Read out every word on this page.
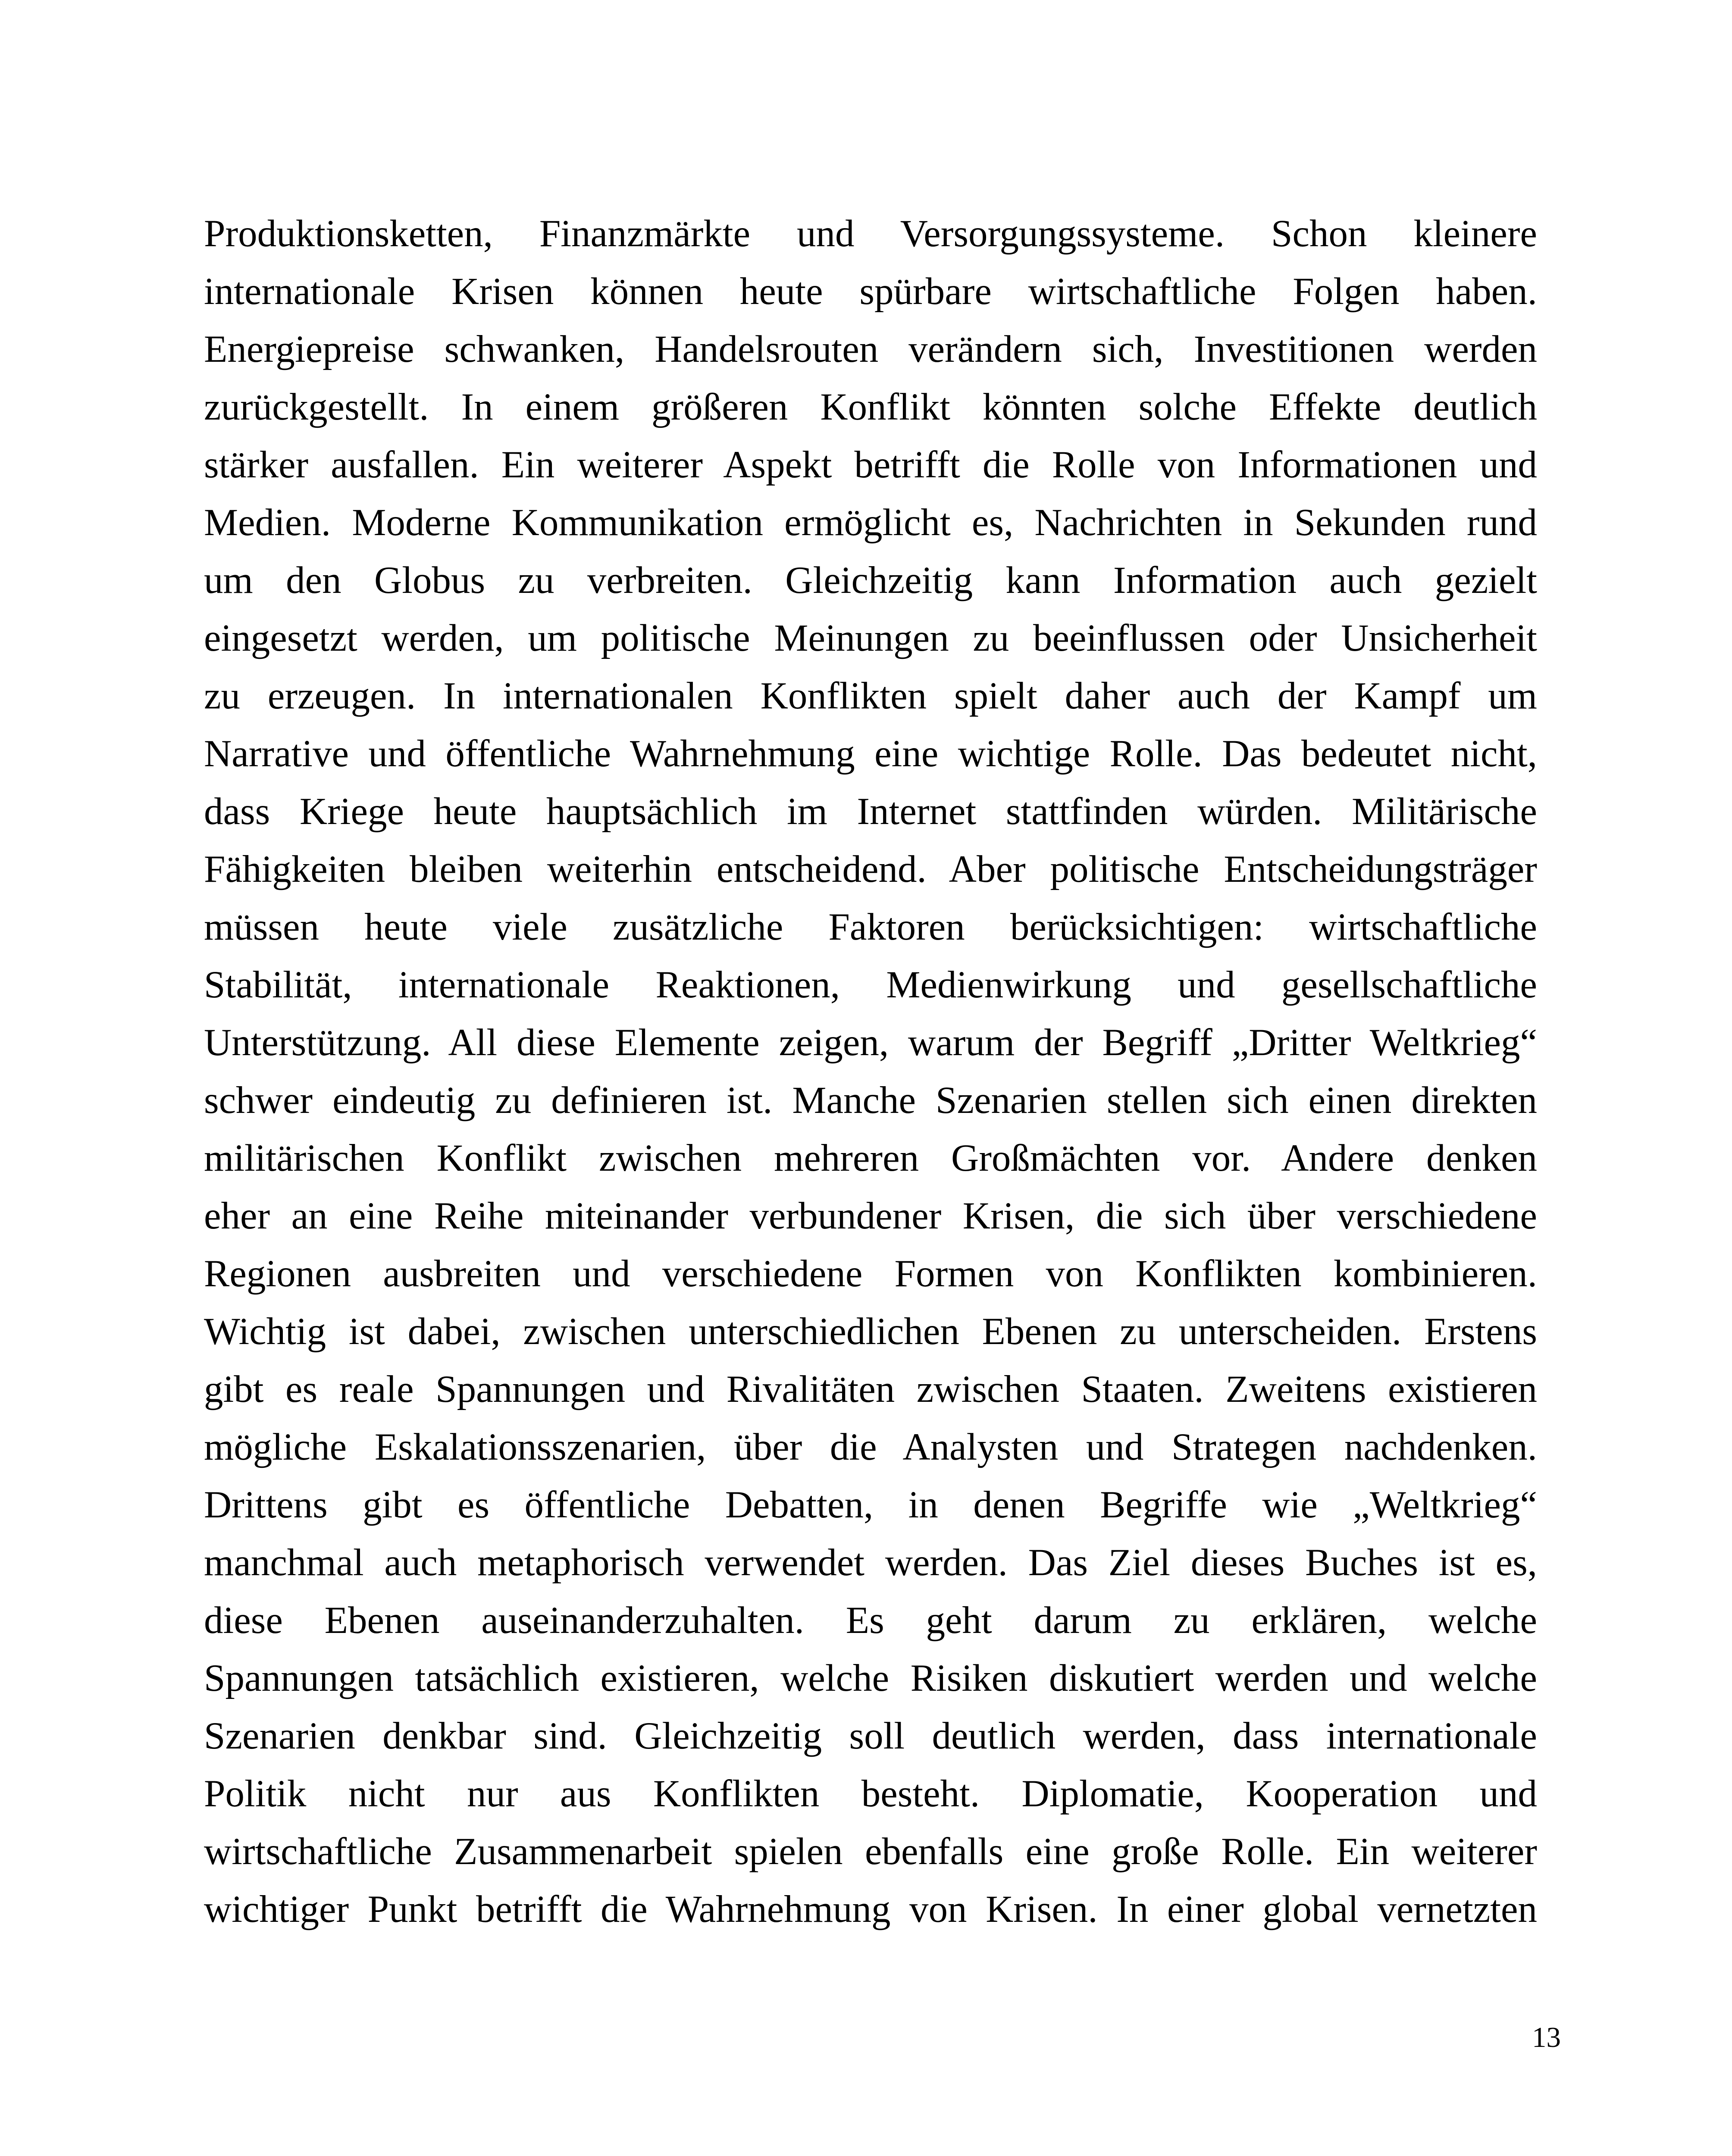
Produktionsketten, Finanzmärkte und Versorgungssysteme. Schon kleinere
internationale Krisen können heute spürbare wirtschaftliche Folgen haben.
Energiepreise schwanken, Handelsrouten verändern sich, Investitionen werden
zurückgestellt. In einem größeren Konflikt könnten solche Effekte deutlich
stärker ausfallen. Ein weiterer Aspekt betrifft die Rolle von Informationen und
Medien. Moderne Kommunikation ermöglicht es, Nachrichten in Sekunden rund
um den Globus zu verbreiten. Gleichzeitig kann Information auch gezielt
eingesetzt werden, um politische Meinungen zu beeinflussen oder Unsicherheit
zu erzeugen. In internationalen Konflikten spielt daher auch der Kampf um
Narrative und öffentliche Wahrnehmung eine wichtige Rolle. Das bedeutet nicht,
dass Kriege heute hauptsächlich im Internet stattfinden würden. Militärische
Fähigkeiten bleiben weiterhin entscheidend. Aber politische Entscheidungsträger
müssen heute viele zusätzliche Faktoren berücksichtigen: wirtschaftliche
Stabilität, internationale Reaktionen, Medienwirkung und gesellschaftliche
Unterstützung. All diese Elemente zeigen, warum der Begriff „Dritter Weltkrieg“
schwer eindeutig zu definieren ist. Manche Szenarien stellen sich einen direkten
militärischen Konflikt zwischen mehreren Großmächten vor. Andere denken
eher an eine Reihe miteinander verbundener Krisen, die sich über verschiedene
Regionen ausbreiten und verschiedene Formen von Konflikten kombinieren.
Wichtig ist dabei, zwischen unterschiedlichen Ebenen zu unterscheiden. Erstens
gibt es reale Spannungen und Rivalitäten zwischen Staaten. Zweitens existieren
mögliche Eskalationsszenarien, über die Analysten und Strategen nachdenken.
Drittens gibt es öffentliche Debatten, in denen Begriffe wie „Weltkrieg“
manchmal auch metaphorisch verwendet werden. Das Ziel dieses Buches ist es,
diese Ebenen auseinanderzuhalten. Es geht darum zu erklären, welche
Spannungen tatsächlich existieren, welche Risiken diskutiert werden und welche
Szenarien denkbar sind. Gleichzeitig soll deutlich werden, dass internationale
Politik nicht nur aus Konflikten besteht. Diplomatie, Kooperation und
wirtschaftliche Zusammenarbeit spielen ebenfalls eine große Rolle. Ein weiterer
wichtiger Punkt betrifft die Wahrnehmung von Krisen. In einer global vernetzten
13
